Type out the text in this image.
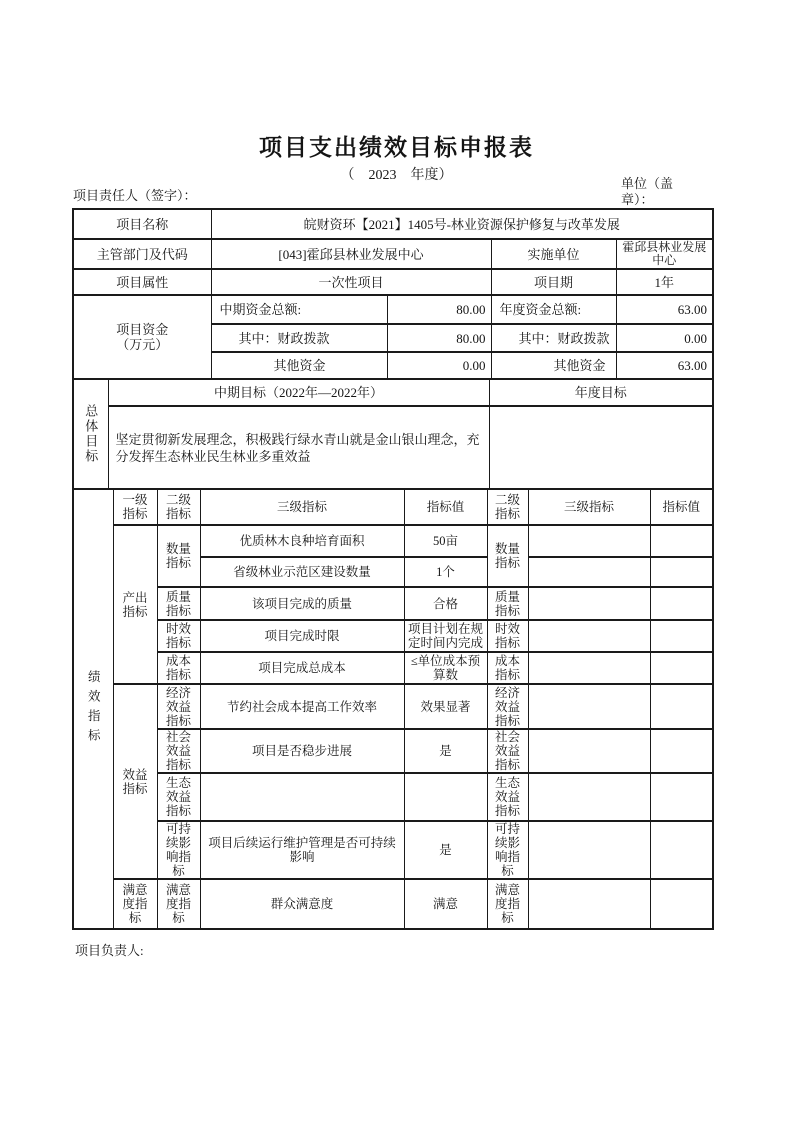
项目支出绩效目标申报表
（　2023　年度）
项目责任人（签字）：
单位（盖章）：
项目名称	皖财资环【2021】1405号-林业资源保护修复与改革发展			
主管部门及代码	[043]霍邱县林业发展中心		实施单位	霍邱县林业发展中心
项目属性	一次性项目		项目期	1年

项目资金
（万元）	中期资金总额:	80.00	年度资金总额:	63.00
	其中：财政拨款	80.00	其中：财政拨款	0.00
	其他资金	0.00	其他资金	63.00
总体目标	中期目标（2022年—2022年）	年度目标
	坚定贯彻新发展理念，积极践行绿水青山就是金山银山理念，充分发挥生态林业民生林业多重效益	
绩效指标	一级指标	二级指标	三级指标	指标值	二级指标	三级指标	指标值
	产出指标	数量指标	优质林木良种培育面积	50亩	数量指标		
			省级林业示范区建设数量	1个			
		质量指标	该项目完成的质量	合格	质量指标		
		时效指标	项目完成时限	项目计划在规定时间内完成	时效指标		
		成本指标	项目完成总成本	≤单位成本预算数	成本指标		
	效益指标	经济效益指标	节约社会成本提高工作效率	效果显著	经济效益指标		
		社会效益指标	项目是否稳步进展	是	社会效益指标		
		生态效益指标			生态效益指标		
		可持续影响指标	项目后续运行维护管理是否可持续影响	是	可持续影响指标		
	满意度指标	满意度指标	群众满意度	满意	满意度指标		
项目负责人:
